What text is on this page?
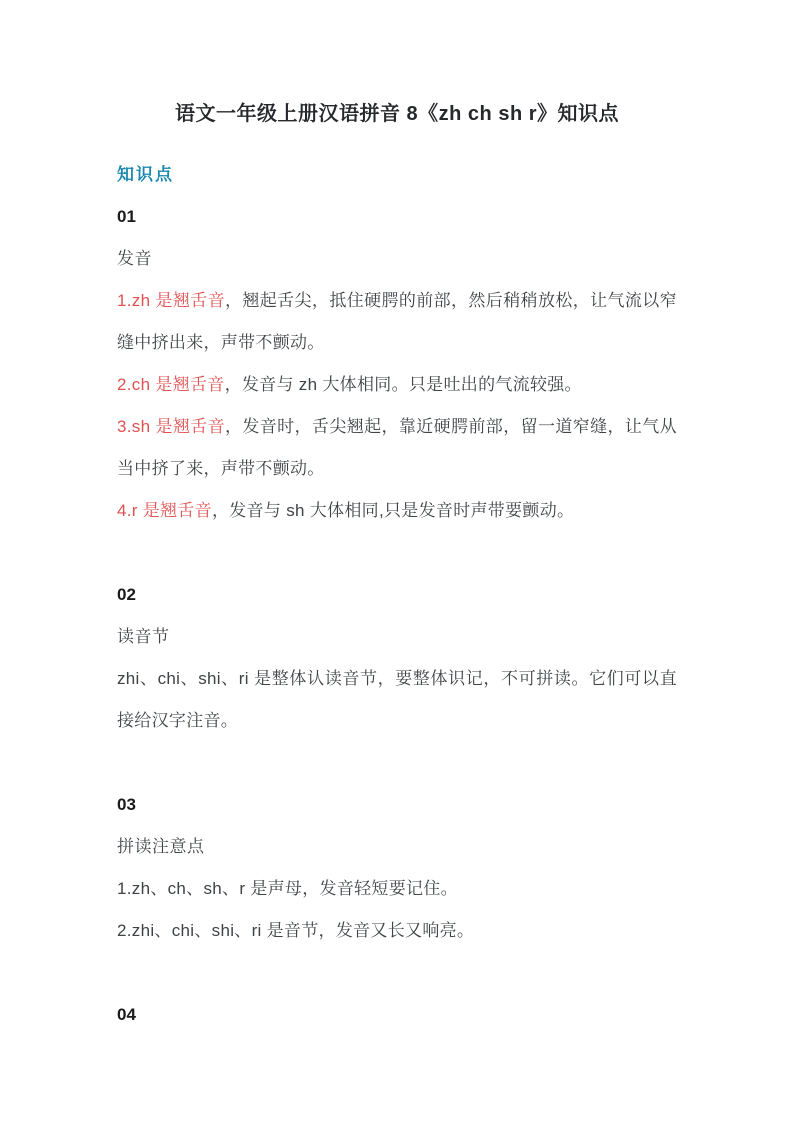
语文一年级上册汉语拼音 8《zh ch sh r》知识点
知识点
01
发音

1.zh 是翘舌音，翘起舌尖，抵住硬腭的前部，然后稍稍放松，让气流以窄缝中挤出来，声带不颤动。

2.ch 是翘舌音，发音与 zh 大体相同。只是吐出的气流较强。

3.sh 是翘舌音，发音时，舌尖翘起，靠近硬腭前部，留一道窄缝，让气从当中挤了来，声带不颤动。

4.r 是翘舌音，发音与 sh 大体相同,只是发音时声带要颤动。

02
读音节

zhi、chi、shi、ri 是整体认读音节，要整体识记，不可拼读。它们可以直接给汉字注音。

03
拼读注意点

1.zh、ch、sh、r 是声母，发音轻短要记住。

2.zhi、chi、shi、ri 是音节，发音又长又响亮。

04
